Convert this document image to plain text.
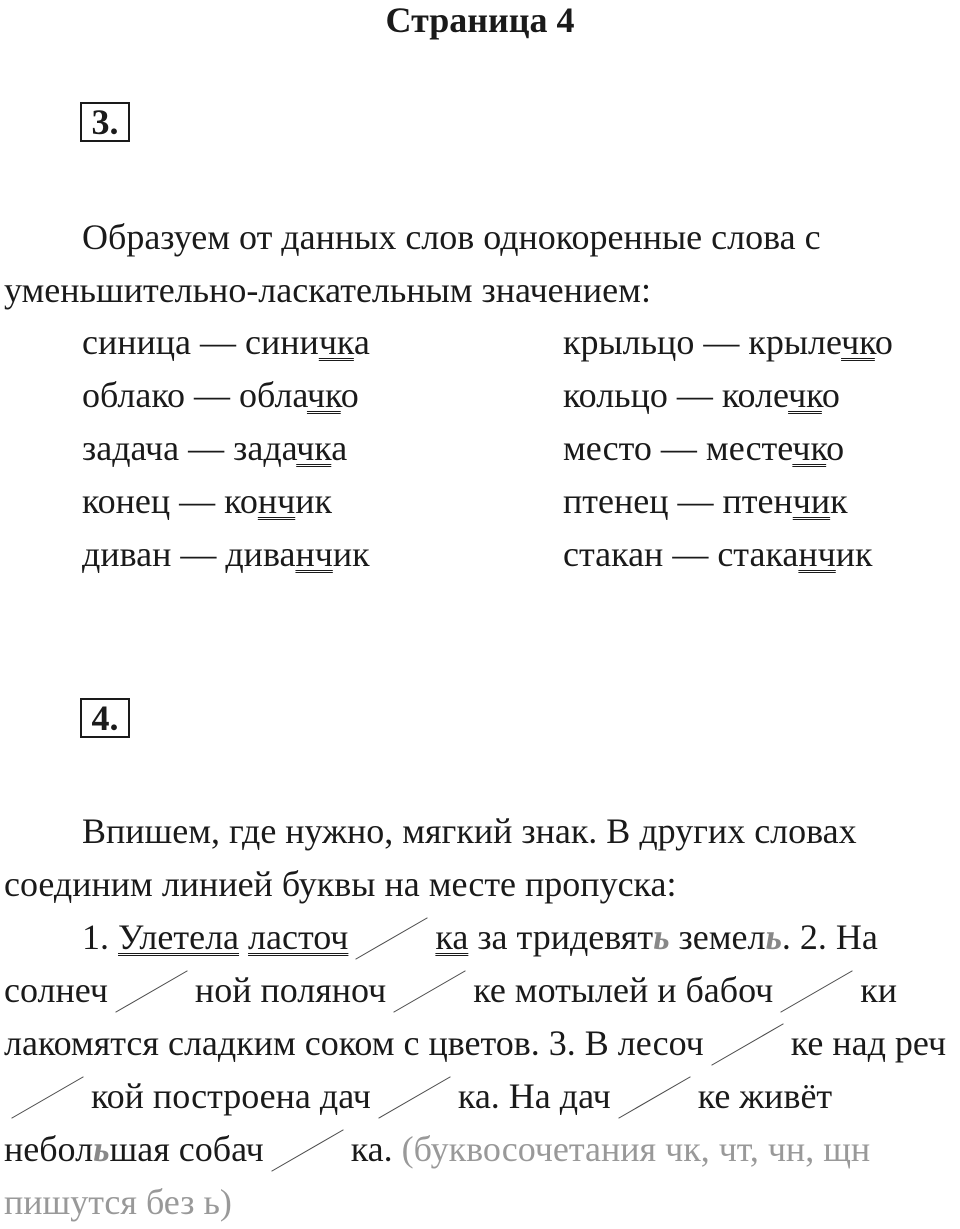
Страница 4
3.

Образуем от данных слов однокоренные слова с уменьшительно-ласкательным значением:

синица — синичка	крыльцо — крылечко
облако — облачко	кольцо — колечко
задача — задачка	место — местечко
конец — кончик	птенец — птенчик
диван — диванчик	стакан — стаканчик
4.

Впишем, где нужно, мягкий знак. В других словах соединим линией буквы на месте пропуска:

1. Улетела ласточ ка за тридевять земель. 2. На солнеч ной поляноч ке мотылей и бабоч ки лакомятся сладким соком с цветов. 3. В лесоч ке над реч кой построена дач ка. На дач ке живёт небольшая собач ка. (буквосочетания чк, чт, чн, щн пишутся без ь)
